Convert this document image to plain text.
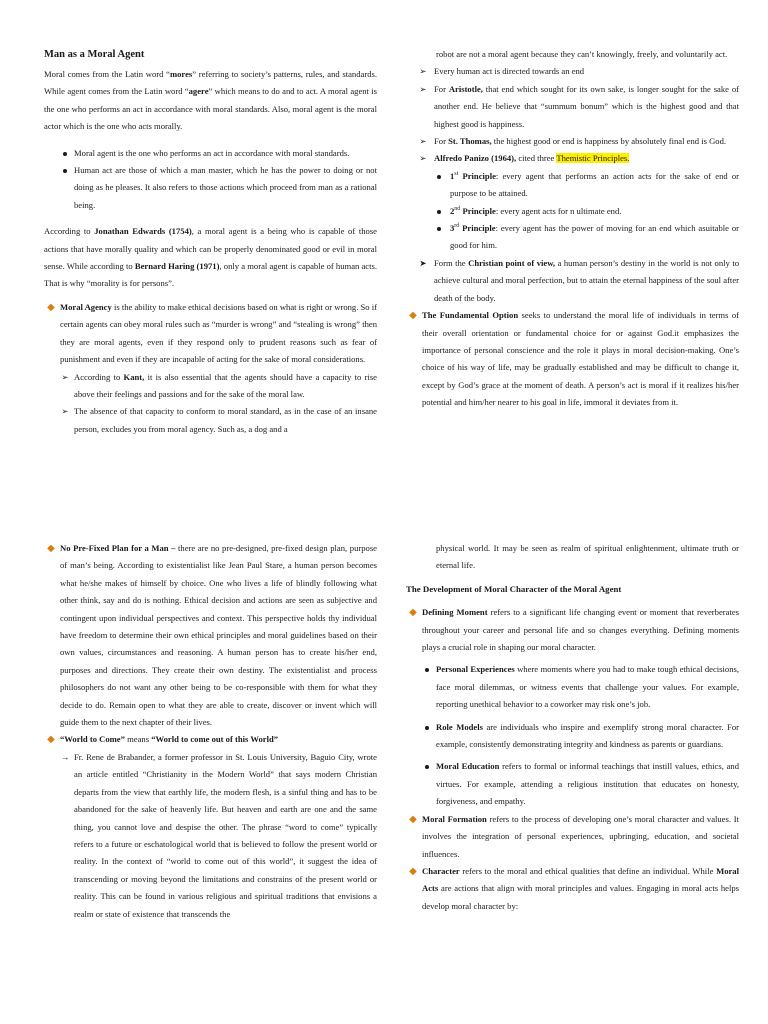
Man as a Moral Agent

Moral comes from the Latin word “mores” referring to society’s patterns, rules, and standards. While agent comes from the Latin word “agere” which means to do and to act. A moral agent is the one who performs an act in accordance with moral standards. Also, moral agent is the moral actor which is the one who acts morally.

Moral agent is the one who performs an act in accordance with moral standards.
Human act are those of which a man master, which he has the power to doing or not doing as he pleases. It also refers to those actions which proceed from man as a rational being.

According to Jonathan Edwards (1754), a moral agent is a being who is capable of those actions that have morally quality and which can be properly denominated good or evil in moral sense. While according to Bernard Haring (1971), only a moral agent is capable of human acts. That is why “morality is for persons”.

◆ Moral Agency is the ability to make ethical decisions based on what is right or wrong. So if certain agents can obey moral rules such as “murder is wrong” and “stealing is wrong” then they are moral agents, even if they respond only to prudent reasons such as fear of punishment and even if they are incapable of acting for the sake of moral considerations.
➢ According to Kant, it is also essential that the agents should have a capacity to rise above their feelings and passions and for the sake of the moral law.
➢ The absence of that capacity to conform to moral standard, as in the case of an insane person, excludes you from moral agency. Such as, a dog and a
robot are not a moral agent because they can’t knowingly, freely, and voluntarily act.
➢ Every human act is directed towards an end
➢ For Aristotle, that end which sought for its own sake, is longer sought for the sake of another end. He believe that “summum bonum” which is the highest good and that highest good is happiness.
➢ For St. Thomas, the highest good or end is happiness by absolutely final end is God.
➢ Alfredo Panizo (1964), cited three Themistic Principles.
1st Principle: every agent that performs an action acts for the sake of end or purpose to be attained.
2nd Principle: every agent acts for n ultimate end.
3rd Principle: every agent has the power of moving for an end which asuitable or good for him.
➤ Form the Christian point of view, a human person’s destiny in the world is not only to achieve cultural and moral perfection, but to attain the eternal happiness of the soul after death of the body.
◆ The Fundamental Option seeks to understand the moral life of individuals in terms of their overall orientation or fundamental choice for or against God.it emphasizes the importance of personal conscience and the role it plays in moral decision-making. One’s choice of his way of life, may be gradually established and may be difficult to change it, except by God’s grace at the moment of death. A person’s act is moral if it realizes his/her potential and him/her nearer to his goal in life, immoral it deviates from it.
◆ No Pre-Fixed Plan for a Man – there are no pre-designed, pre-fixed design plan, purpose of man’s being. According to existentialist like Jean Paul Stare, a human person becomes what he/she makes of himself by choice. One who lives a life of blindly following what other think, say and do is nothing. Ethical decision and actions are seen as subjective and contingent upon individual perspectives and context. This perspective holds thy individual have freedom to determine their own ethical principles and moral guidelines based on their own values, circumstances and reasoning. A human person has to create his/her end, purposes and directions. They create their own destiny. The existentialist and process philosophers do not want any other being to be co-responsible with them for what they decide to do. Remain open to what they are able to create, discover or invent which will guide them to the next chapter of their lives.
◆ “World to Come” means “World to come out of this World”
→ Fr. Rene de Brabander, a former professor in St. Louis University, Baguio City, wrote an article entitled “Christianity in the Modern World” that says modern Christian departs from the view that earthly life, the modern flesh, is a sinful thing and has to be abandoned for the sake of heavenly life. But heaven and earth are one and the same thing, you cannot love and despise the other. The phrase “word to come” typically refers to a future or eschatological world that is believed to follow the present world or reality. In the context of “world to come out of this world”, it suggest the idea of transcending or moving beyond the limitations and constrains of the present world or reality. This can be found in various religious and spiritual traditions that envisions a realm or state of existence that transcends the
physical world. It may be seen as realm of spiritual enlightenment, ultimate truth or eternal life.

The Development of Moral Character of the Moral Agent

◆ Defining Moment refers to a significant life changing event or moment that reverberates throughout your career and personal life and so changes everything. Defining moments plays a crucial role in shaping our moral character.
Personal Experiences where moments where you had to make tough ethical decisions, face moral dilemmas, or witness events that challenge your values. For example, reporting unethical behavior to a coworker may risk one’s job.
Role Models are individuals who inspire and exemplify strong moral character. For example, consistently demonstrating integrity and kindness as parents or guardians.
Moral Education refers to formal or informal teachings that instill values, ethics, and virtues. For example, attending a religious institution that educates on honesty, forgiveness, and empathy.
◆ Moral Formation refers to the process of developing one’s moral character and values. It involves the integration of personal experiences, upbringing, education, and societal influences.
◆ Character refers to the moral and ethical qualities that define an individual. While Moral Acts are actions that align with moral principles and values. Engaging in moral acts helps develop moral character by:
